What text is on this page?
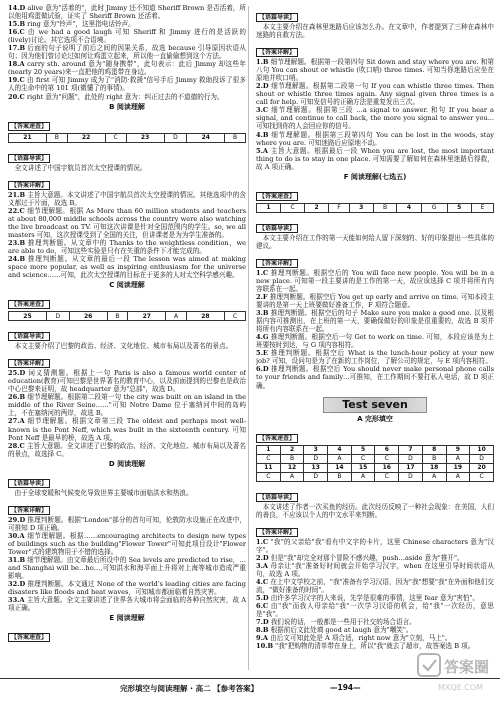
14.D alive 意为"活着的"，此时 Jimmy 还不知道 Sheriff Brown 是否活着，所以他用鸡蛋做试验，证实了 Sheriff Brown 还活着。

15.B ring 意为"铃声"，这里指电话铃声。

16.C 由 we had a good laugh 可知 Sheriff 和 Jimmy 进行的是活跃的(lively)讨论。其它选项不合语境。

17.B 后面的句子说明了前后之间的因果关系，故选 because 引导原因状语从句；因为他们曾讨论过如何让鸡蛋立起来，所以他一直偷偷想到这个方法。

18.A carry sth. around 意为"随身携带"，此句表示：此后 Jimmy 却这些年(nearly 20 years)来一直把他的鸡蛋带在身边。

19.C 由 first 可知 Jimmy 成为了"消防·救援"信号手后 Jimmy 救助投诉了很多人的生命中的第 101 项(微懂了的事情)。

20.C right 意为"问题"，此处的 right 意为：纠正过去的不道德的行为。

B 阅读理解
【答案速查】
21	B	22	C	23	D	24	B
【语篇导读】

全文讲述了中国宇航员首次太空授课的情况。

【答案详解】

21.B 主旨大意题。本文讲述了中国宇航员首次太空授课的情况。其他选项中的含义都过于片面，故选 B。

22.C 细节理解题。根据 As More than 60 million students and teachers at about 80,000 middle schools across the country were also watching the live broadcast on TV. 可知这次讲课是针对全国范围内的学生。so, we all masters 可知，这次授课受到了全国的关注，但讲课者是为为学生准备的。

23.B 推理判断题。从文章中的 Thanks to the weightless condition，we are able to do，可知这些实验是只有在失重的条件下才能完成的。

24.B 推理判断题。从文章的最后一段 The lesson was aimed at making space more popular, as well as inspiring enthusiasm for the universe and science……可知，此次太空授课的目标在于更多的人对太空科学感兴趣。

C 阅读理解
【答案速查】
25	D	26	B	27	A	28	C
【语篇导读】

本文主要介绍了巴黎的政治、经济、文化地位、城市布局以及著名的景点。

【答案详解】

25.D 词义猜测题。根据上一句 Paris is also a famous world center of education(教育)可知巴黎是世界著名的教育中心，以及前面提到的巴黎也是政治中心巴黎来证明，故 headquarter 意为"总部"，故选 D。

26.B 细节理解题。根据第二段第一句 the city was built on an island in the middle of the River Seine……"可知 Notre Dame 位于塞纳河中间的岛屿上，不在塞纳河的两岸，故选 B。

27.A 细节理解题。根据文章第三段 The oldest and perhaps most well-known is the Pont Neff, which was built in the sixteenth century. 可知 Pont Neff 是最早的桥，故选 A 项。

28.C 主旨大意题。全文讲述了巴黎的政治、经济、文化地位、城市布局以及著名的景点，故选择 C。

D 阅读理解
【语篇导读】

由于全球变暖和气候变化导致世界主要城市面临洪水和热浪。

【答案详解】

29.D 推理判断题。根据"London"部分的首句可知，伦敦防水设施正在改进中，可推知 D 项正确。

30.A 细节理解题。根据……encouraging architects to design new types of buildings such as the building"Flower Tower"可知此项目设计"Flower Tower"式的建筑物用于不错的选择。

31.B 细节理解题。由文章最后所设中的 Sea levels are predicted to rise，…and Shanghai will be…ho…,可知洪水和海平面上升将对上海等城市造成严重影响。

32.D 推理判断题。本文通过 None of the world's leading cities are facing disasters like floods and heat waves，可知城市都面临着自然灾害。

33.A 主旨大意题。全文主要讲述了世界各大城市将会面临的各种自然灾害，故 A 项正确。

E 阅读理解
【答案速查】
【语篇导读】

本文主要介绍在森林里迷路后应该怎么办。在文章中，作者提到了三种在森林中迷路的自救方法。

【答案详解】

1.B 细节理解题。根据第一段第四句 Sit down and stay where you are. 和第八句 You can shout or whistle (吹口哨) three times. 可知当你迷路后应坐在原地并吹口哨。

2.D 细节理解题。根据第二段第一句 If you can whistle three times. Then shout or whistle three times again. Any signal given three times is a call for help. 可知发信号的正确方法是重复发出三次。

3.C 细节理解题。根据第三段 …a signal to answer. 和句 If you hear a signal, and continue to call back, the more you signal to answer you... 可知找到你的人会回应你的信号。

4.B 细节理解题。根据第三段第四句 You can be lost in the woods, stay where you are. 可知迷路后应原地不动。

5.A 主旨大意题。根据最后一段 When you are lost, the most important thing to do is to stay in one place. 可知需要了解如何在森林里迷路后得救，故 A 项正确。

F 阅读理解(七选五)
【答案速查】
1	C	2	F	3	B	4	G	5	E
【语篇导读】

本文主要介绍在工作的第一天能如何给人留下深刻的、好的印象提出一些具体的建议。

【答案详解】

1.C 推理判断题。根据空后的 You will face new people. You will be in a new place. 可知第一段主要讲的是工作的第一天，故应该选择 C 项并将所有内容联系在一起。

2.F 推理判断题。根据空后 You get up early and arrive on time. 可知本段主要讲的是第一天上班要做好准备工作，F 项符合题意。

3.B 推理判断题。根据空后的句子 Make sure you make a good one. 以及根据内容可推测出，在上班的第一天，要确保做好的印象是很重要的，故选 B 项并将所有内容联系在一起。

4.G 推理判断题。根据空后一句 Get to work on time. 可知，本段应该是为上班要按时到达，与 G 项内容相符。

5.E 推理判断题。根据空后 What is the lunch-hour policy at your new job? 可知，设问句是为了在新的工作岗位，了解公司的规定，与 E 项内容相符。

6.D 推理判断题。根据空后 You should never make personal phone calls to your friends and family…可推知，在工作期间不要打私人电话，故 D 项正确。

Test seven
A 完形填空
【答案速查】
1	2	3	4	5	6	7	8	9	10
C	B	D	A	C	C	D	B	A	D
11	12	13	14	15	16	17	18	19	20
C	A	D	B	A	C	D	A	A	C
【语篇导读】

本文讲述了作者一次买鱼的经历。此次经历反映了一种社会现象：在美国，人们的善良，不应该以个人的中文水平来判断。

【答案详解】

1.C "我"的父亲给"我"看有中文字的卡片，这里 Chinese characters 意为"汉字"。

2.D 但是"我"却完全对那个冒险不感兴趣，push…aside 意为"推开"。

3.A 母亲让"我"准备好时间就会开始学习汉字，when 在这里引导时间状语从句，故选 A 项。

4.C 在上中文学校之前，"我"准备有学习汉语，因为"我"想要"我"在外面和他们交流，"做好准备的时间"。

5.D 由许多学习汉字的人来说，先学是很难的事情，这里 fear 意为"害怕"。

6.C 由"我"而我人母亲给"我"一次学习汉语的机会，给"我"一次经历，意思是"我"。

7.D 我们说的话，一般都是一些用于社交的场合语言。

8.B 根据前后文此处填 good at laugh 意为"嘲笑"。

9.A 由后文可知此处是 A 项合适，right now 意为"立刻，马上"。

10.B "我"把购物的清单带在身上，所以"我"就去了超市，故答案选 B 项。

完形填空与阅读理解 · 高二 【参考答案】	—194—
答案圈
MXQE.COM
